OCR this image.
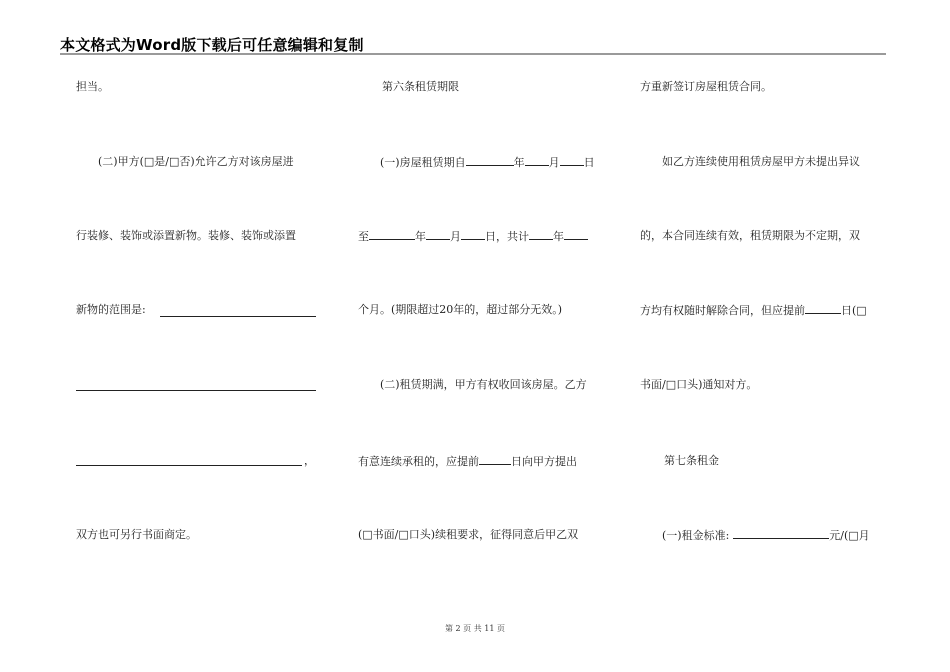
本文格式为Word版下载后可任意编辑和复制
担当。
(二)甲方(□是/□否)允许乙方对该房屋进
行装修、装饰或添置新物。装修、装饰或添置
新物的范围是:
，
双方也可另行书面商定。
第六条租赁期限
(一)房屋租赁期自	年 月 日
至	年 月 日，共计 年
个月。(期限超过20年的，超过部分无效。)
(二)租赁期满，甲方有权收回该房屋。乙方
有意连续承租的，应提前	日向甲方提出
(□书面/□口头)续租要求，征得同意后甲乙双
方重新签订房屋租赁合同。
如乙方连续使用租赁房屋甲方未提出异议
的，本合同连续有效，租赁期限为不定期，双
方均有权随时解除合同，但应提前	日(□
书面/□口头)通知对方。
第七条租金
(一)租金标准:	元/(□月
第 2 页 共 11 页
